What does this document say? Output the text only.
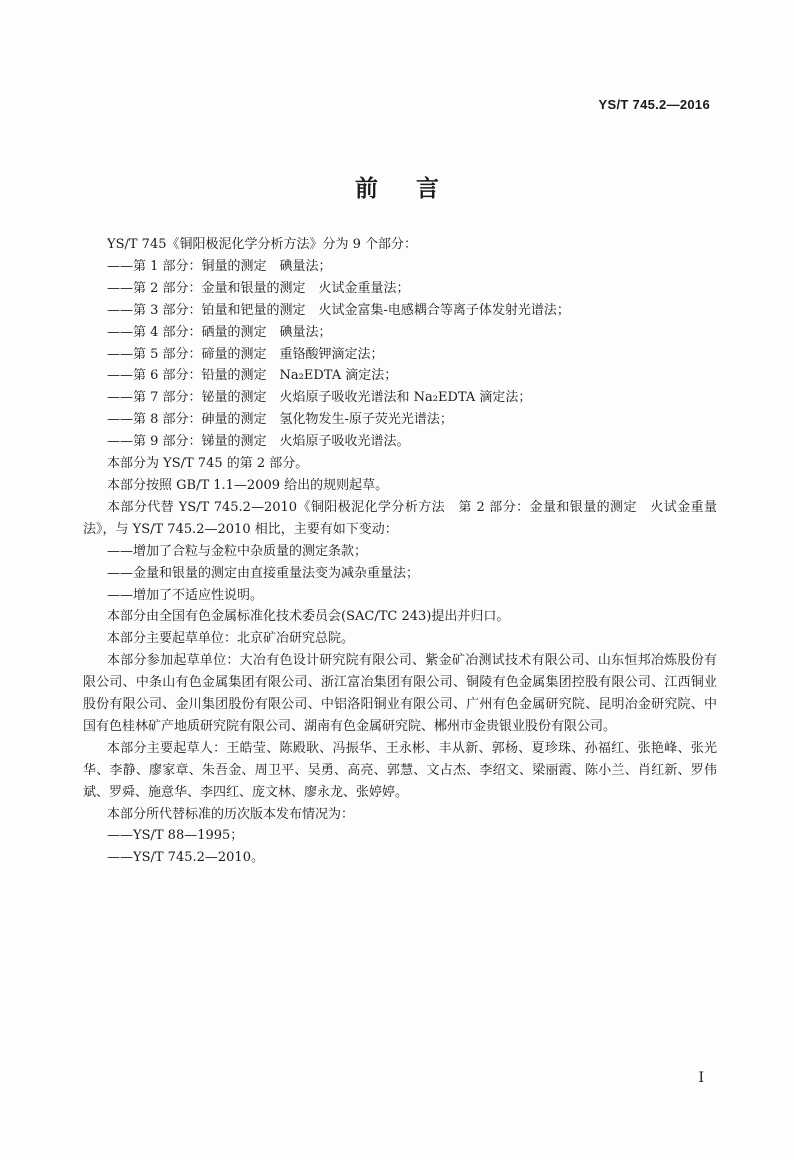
YS/T 745.2—2016
前言

YS/T 745《铜阳极泥化学分析方法》分为 9 个部分：

——第 1 部分：铜量的测定　碘量法；

——第 2 部分：金量和银量的测定　火试金重量法；

——第 3 部分：铂量和钯量的测定　火试金富集-电感耦合等离子体发射光谱法；

——第 4 部分：硒量的测定　碘量法；

——第 5 部分：碲量的测定　重铬酸钾滴定法；

——第 6 部分：铅量的测定　Na₂EDTA 滴定法；

——第 7 部分：铋量的测定　火焰原子吸收光谱法和 Na₂EDTA 滴定法；

——第 8 部分：砷量的测定　氢化物发生-原子荧光光谱法；

——第 9 部分：锑量的测定　火焰原子吸收光谱法。

本部分为 YS/T 745 的第 2 部分。

本部分按照 GB/T 1.1—2009 给出的规则起草。

本部分代替 YS/T 745.2—2010《铜阳极泥化学分析方法　第 2 部分：金量和银量的测定　火试金重量法》，与 YS/T 745.2—2010 相比，主要有如下变动：

——增加了合粒与金粒中杂质量的测定条款；

——金量和银量的测定由直接重量法变为减杂重量法；

——增加了不适应性说明。

本部分由全国有色金属标准化技术委员会(SAC/TC 243)提出并归口。

本部分主要起草单位：北京矿冶研究总院。

本部分参加起草单位：大冶有色设计研究院有限公司、紫金矿冶测试技术有限公司、山东恒邦冶炼股份有限公司、中条山有色金属集团有限公司、浙江富冶集团有限公司、铜陵有色金属集团控股有限公司、江西铜业股份有限公司、金川集团股份有限公司、中铝洛阳铜业有限公司、广州有色金属研究院、昆明冶金研究院、中国有色桂林矿产地质研究院有限公司、湖南有色金属研究院、郴州市金贵银业股份有限公司。

本部分主要起草人：王皓莹、陈殿耿、冯振华、王永彬、丰从新、郭杨、夏珍珠、孙福红、张艳峰、张光华、李静、廖家章、朱吾金、周卫平、吴勇、高亮、郭慧、文占杰、李绍文、梁丽霞、陈小兰、肖红新、罗伟斌、罗舜、施意华、李四红、庞文林、廖永龙、张婷婷。

本部分所代替标准的历次版本发布情况为：

——YS/T 88—1995；

——YS/T 745.2—2010。

I
